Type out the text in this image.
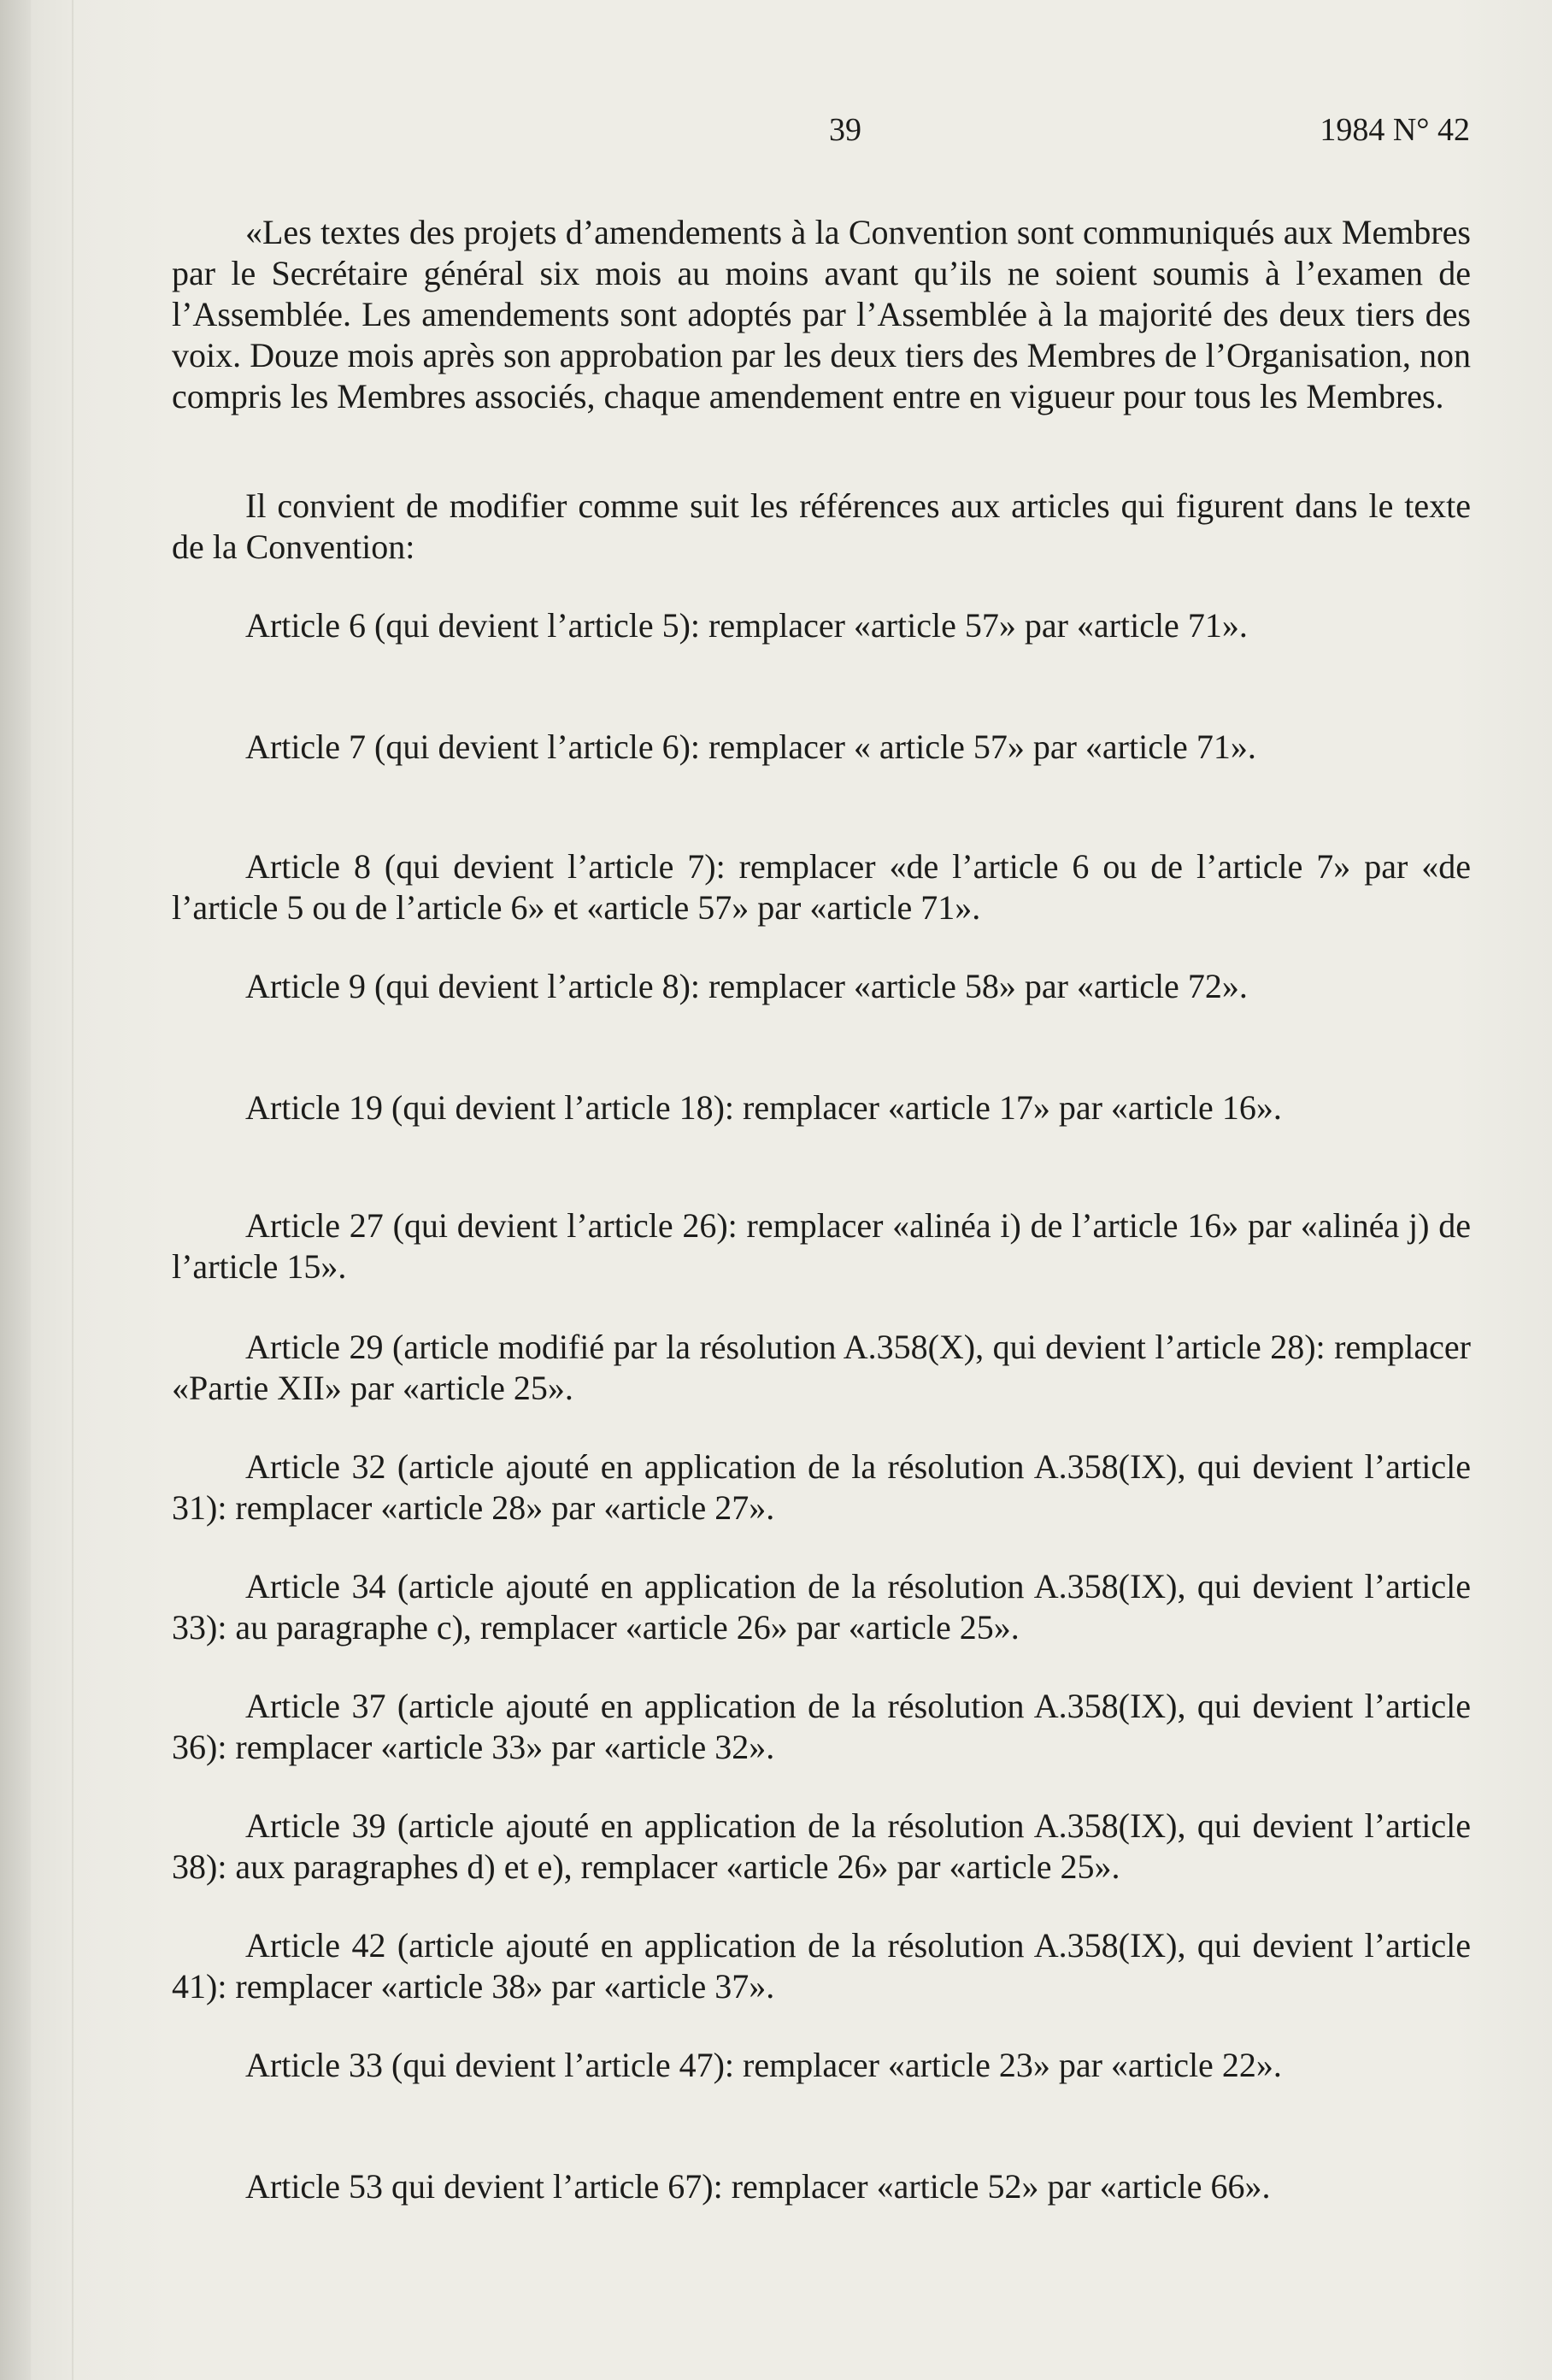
39	1984 N° 42

«Les textes des projets d’amendements à la Convention sont communiqués aux Membres par le Secrétaire général six mois au moins avant qu’ils ne soient soumis à l’examen de l’Assemblée. Les amendements sont adoptés par l’Assemblée à la majorité des deux tiers des voix. Douze mois après son approbation par les deux tiers des Membres de l’Organisation, non compris les Membres associés, chaque amendement entre en vigueur pour tous les Membres.

Il convient de modifier comme suit les références aux articles qui figurent dans le texte de la Convention:

Article 6 (qui devient l’article 5): remplacer «article 57» par «article 71».

Article 7 (qui devient l’article 6): remplacer « article 57» par «article 71».

Article 8 (qui devient l’article 7): remplacer «de l’article 6 ou de l’article 7» par «de l’article 5 ou de l’article 6» et «article 57» par «article 71».

Article 9 (qui devient l’article 8): remplacer «article 58» par «article 72».

Article 19 (qui devient l’article 18): remplacer «article 17» par «article 16».

Article 27 (qui devient l’article 26): remplacer «alinéa i) de l’article 16» par «alinéa j) de l’article 15».

Article 29 (article modifié par la résolution A.358(X), qui devient l’article 28): remplacer «Partie XII» par «article 25».

Article 32 (article ajouté en application de la résolution A.358(IX), qui devient l’article 31): remplacer «article 28» par «article 27».

Article 34 (article ajouté en application de la résolution A.358(IX), qui devient l’article 33): au paragraphe c), remplacer «article 26» par «article 25».

Article 37 (article ajouté en application de la résolution A.358(IX), qui devient l’article 36): remplacer «article 33» par «article 32».

Article 39 (article ajouté en application de la résolution A.358(IX), qui devient l’article 38): aux paragraphes d) et e), remplacer «article 26» par «article 25».

Article 42 (article ajouté en application de la résolution A.358(IX), qui devient l’article 41): remplacer «article 38» par «article 37».

Article 33 (qui devient l’article 47): remplacer «article 23» par «article 22».

Article 53 qui devient l’article 67): remplacer «article 52» par «article 66».
